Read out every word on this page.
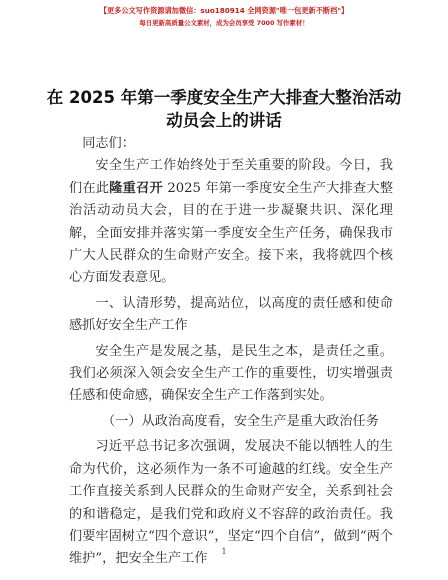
【更多公文写作资源请加微信：suo180914 全网资源"唯一包更新不断档"】
每日更新高质量公文素材，成为会员享受 7000 写作素材！
在 2025 年第一季度安全生产大排查大整治活动
动员会上的讲话

同志们：

安全生产工作始终处于至关重要的阶段。今日，我们在此隆重召开 2025 年第一季度安全生产大排查大整治活动动员大会，目的在于进一步凝聚共识、深化理解，全面安排并落实第一季度安全生产任务，确保我市广大人民群众的生命财产安全。接下来，我将就四个核心方面发表意见。

一、认清形势，提高站位，以高度的责任感和使命感抓好安全生产工作

安全生产是发展之基，是民生之本，是责任之重。我们必须深入领会安全生产工作的重要性，切实增强责任感和使命感，确保安全生产工作落到实处。

（一）从政治高度看，安全生产是重大政治任务

习近平总书记多次强调，发展决不能以牺牲人的生命为代价，这必须作为一条不可逾越的红线。安全生产工作直接关系到人民群众的生命财产安全，关系到社会的和谐稳定，是我们党和政府义不容辞的政治责任。我们要牢固树立“四个意识”，坚定“四个自信”，做到“两个维护”，把安全生产工作	1
